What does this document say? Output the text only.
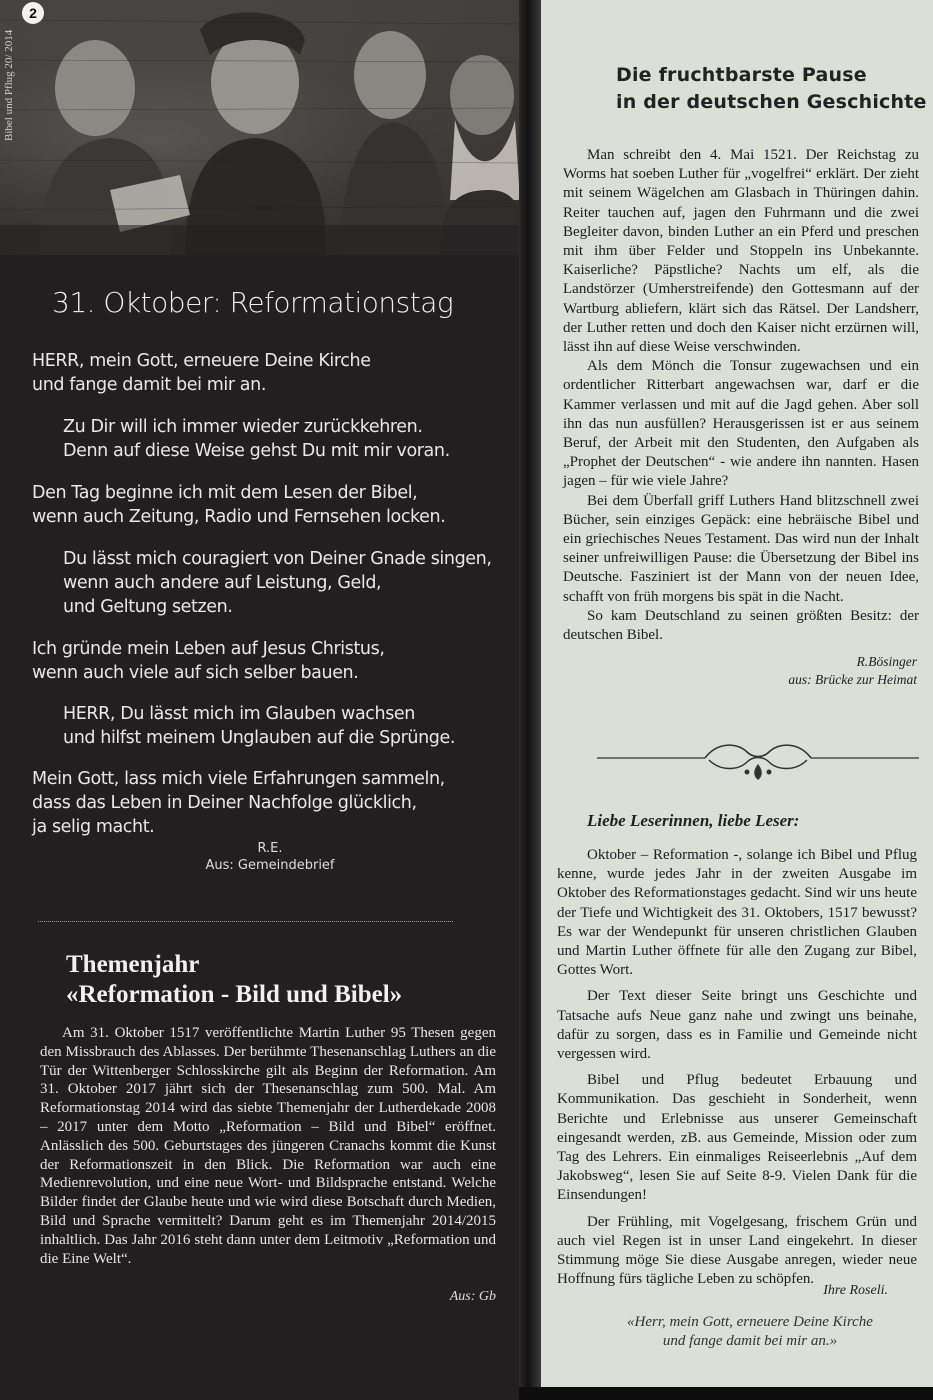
2
Bibel und Pflug 20/ 2014
31. Oktober: Reformationstag
HERR, mein Gott, erneuere Deine Kirche
und fange damit bei mir an.
Zu Dir will ich immer wieder zurückkehren.
Denn auf diese Weise gehst Du mit mir voran.
Den Tag beginne ich mit dem Lesen der Bibel,
wenn auch Zeitung, Radio und Fernsehen locken.
Du lässt mich couragiert von Deiner Gnade singen,
wenn auch andere auf Leistung, Geld,
und Geltung setzen.
Ich gründe mein Leben auf Jesus Christus,
wenn auch viele auf sich selber bauen.
HERR, Du lässt mich im Glauben wachsen
und hilfst meinem Unglauben auf die Sprünge.
Mein Gott, lass mich viele Erfahrungen sammeln,
dass das Leben in Deiner Nachfolge glücklich,
ja selig macht.
R.E.
Aus: Gemeindebrief
Themenjahr
«Reformation - Bild und Bibel»

Am 31. Oktober 1517 veröffentlichte Martin Luther 95 Thesen gegen den Missbrauch des Ablasses. Der berühmte Thesenanschlag Luthers an die Tür der Wittenberger Schlosskirche gilt als Beginn der Reformation. Am 31. Oktober 2017 jährt sich der Thesenanschlag zum 500. Mal. Am Reformationstag 2014 wird das siebte Themenjahr der Lutherdekade 2008 – 2017 unter dem Motto „Reformation – Bild und Bibel“ eröffnet. Anlässlich des 500. Geburtstages des jüngeren Cranachs kommt die Kunst der Reformationszeit in den Blick. Die Reformation war auch eine Medienrevolution, und eine neue Wort- und Bildsprache entstand. Welche Bilder findet der Glaube heute und wie wird diese Botschaft durch Medien, Bild und Sprache vermittelt? Darum geht es im Themenjahr 2014/2015 inhaltlich. Das Jahr 2016 steht dann unter dem Leitmotiv „Reformation und die Eine Welt“.

Aus: Gb

Die fruchtbarste Pause
in der deutschen Geschichte

Man schreibt den 4. Mai 1521. Der Reichstag zu Worms hat soeben Luther für „vogelfrei“ erklärt. Der zieht mit seinem Wägelchen am Glasbach in Thüringen dahin. Reiter tauchen auf, jagen den Fuhrmann und die zwei Begleiter davon, binden Luther an ein Pferd und preschen mit ihm über Felder und Stoppeln ins Unbekannte. Kaiserliche? Päpstliche? Nachts um elf, als die Landstörzer (Umherstreifende) den Gottesmann auf der Wartburg abliefern, klärt sich das Rätsel. Der Landsherr, der Luther retten und doch den Kaiser nicht erzürnen will, lässt ihn auf diese Weise verschwinden.

Als dem Mönch die Tonsur zugewachsen und ein ordentlicher Ritterbart angewachsen war, darf er die Kammer verlassen und mit auf die Jagd gehen. Aber soll ihn das nun ausfüllen? Herausgerissen ist er aus seinem Beruf, der Arbeit mit den Studenten, den Aufgaben als „Prophet der Deutschen“ - wie andere ihn nannten. Hasen jagen – für wie viele Jahre?

Bei dem Überfall griff Luthers Hand blitzschnell zwei Bücher, sein einziges Gepäck: eine hebräische Bibel und ein griechisches Neues Testament. Das wird nun der Inhalt seiner unfreiwilligen Pause: die Übersetzung der Bibel ins Deutsche. Fasziniert ist der Mann von der neuen Idee, schafft von früh morgens bis spät in die Nacht.

So kam Deutschland zu seinen größten Besitz: der deutschen Bibel.

R.Bösinger
aus: Brücke zur Heimat
Liebe Leserinnen, liebe Leser:

Oktober – Reformation -, solange ich Bibel und Pflug kenne, wurde jedes Jahr in der zweiten Ausgabe im Oktober des Reformationstages gedacht. Sind wir uns heute der Tiefe und Wichtigkeit des 31. Oktobers, 1517 bewusst? Es war der Wendepunkt für unseren christlichen Glauben und Martin Luther öffnete für alle den Zugang zur Bibel, Gottes Wort.

Der Text dieser Seite bringt uns Geschichte und Tatsache aufs Neue ganz nahe und zwingt uns beinahe, dafür zu sorgen, dass es in Familie und Gemeinde nicht vergessen wird.

Bibel und Pflug bedeutet Erbauung und Kommunikation. Das geschieht in Sonderheit, wenn Berichte und Erlebnisse aus unserer Gemeinschaft eingesandt werden, zB. aus Gemeinde, Mission oder zum Tag des Lehrers. Ein einmaliges Reiseerlebnis „Auf dem Jakobsweg“, lesen Sie auf Seite 8-9. Vielen Dank für die Einsendungen!

Der Frühling, mit Vogelgesang, frischem Grün und auch viel Regen ist in unser Land eingekehrt. In dieser Stimmung möge Sie diese Ausgabe anregen, wieder neue Hoffnung fürs tägliche Leben zu schöpfen.

Ihre Roseli.
«Herr, mein Gott, erneuere Deine Kirche
und fange damit bei mir an.»
